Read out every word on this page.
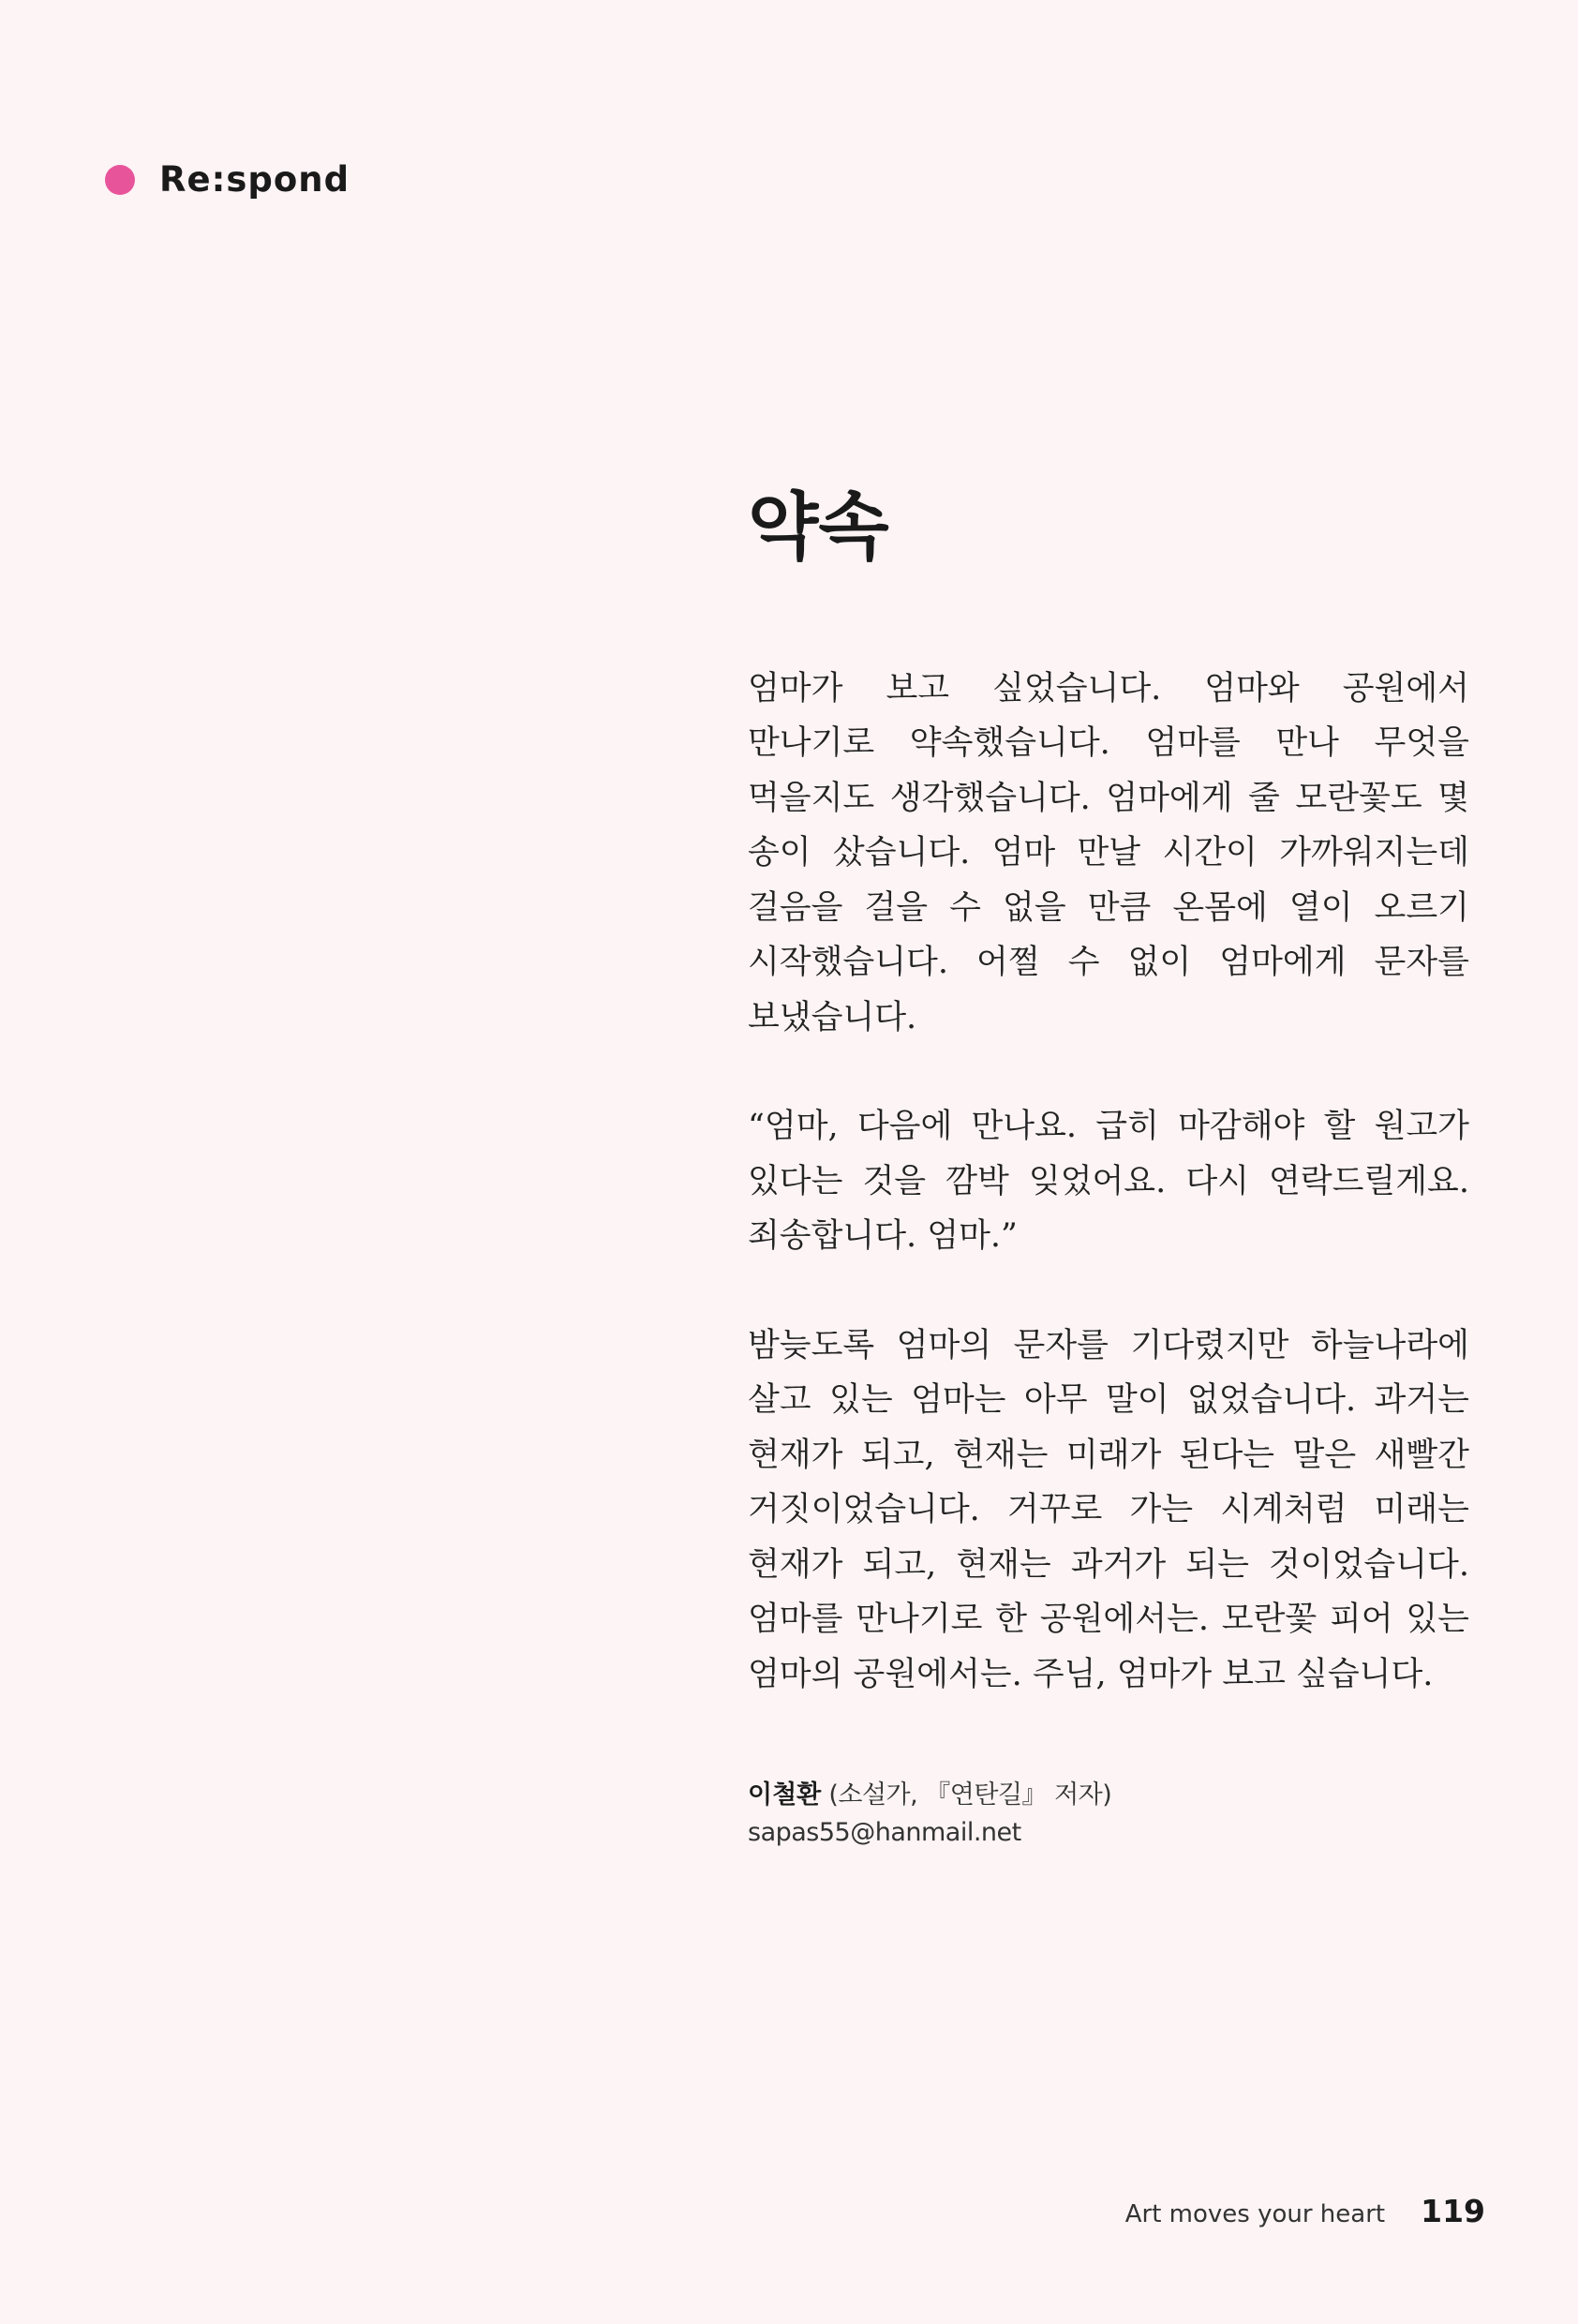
Re:spond
약속

엄마가 보고 싶었습니다. 엄마와 공원에서 만나기로 약속했습니다. 엄마를 만나 무엇을 먹을지도 생각했습니다. 엄마에게 줄 모란꽃도 몇 송이 샀습니다. 엄마 만날 시간이 가까워지는데 걸음을 걸을 수 없을 만큼 온몸에 열이 오르기 시작했습니다. 어쩔 수 없이 엄마에게 문자를 보냈습니다.

“엄마, 다음에 만나요. 급히 마감해야 할 원고가 있다는 것을 깜박 잊었어요. 다시 연락드릴게요. 죄송합니다. 엄마.”

밤늦도록 엄마의 문자를 기다렸지만 하늘나라에 살고 있는 엄마는 아무 말이 없었습니다. 과거는 현재가 되고, 현재는 미래가 된다는 말은 새빨간 거짓이었습니다. 거꾸로 가는 시계처럼 미래는 현재가 되고, 현재는 과거가 되는 것이었습니다. 엄마를 만나기로 한 공원에서는. 모란꽃 피어 있는 엄마의 공원에서는. 주님, 엄마가 보고 싶습니다.

이철환 (소설가, 『연탄길』 저자)
sapas55@hanmail.net
Art moves your heart 119
